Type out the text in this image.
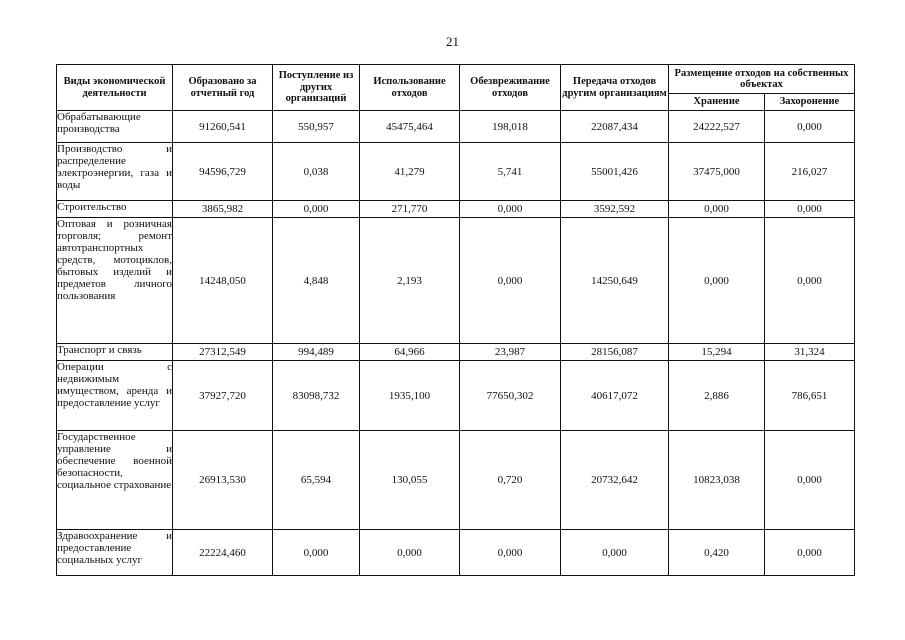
21
Виды экономической деятельности	Образовано за отчетный год	Поступление из других организаций	Использование отходов	Обезвреживание отходов	Передача отходов другим организациям	Размещение отходов на собственных объектах	
						Хранение	Захоронение
Обрабатывающие производства	91260,541	550,957	45475,464	198,018	22087,434	24222,527	0,000
Производство и распределение электроэнергии, газа и воды	94596,729	0,038	41,279	5,741	55001,426	37475,000	216,027
Строительство	3865,982	0,000	271,770	0,000	3592,592	0,000	0,000
Оптовая и розничная торговля; ремонт автотранспортных средств, мотоциклов, бытовых изделий и предметов личного пользования	14248,050	4,848	2,193	0,000	14250,649	0,000	0,000
Транспорт и связь	27312,549	994,489	64,966	23,987	28156,087	15,294	31,324
Операции с недвижимым имуществом, аренда и предоставление услуг	37927,720	83098,732	1935,100	77650,302	40617,072	2,886	786,651
Государственное управление и обеспечение военной безопасности, социальное страхование	26913,530	65,594	130,055	0,720	20732,642	10823,038	0,000
Здравоохранение и предоставление социальных услуг	22224,460	0,000	0,000	0,000	0,000	0,420	0,000
